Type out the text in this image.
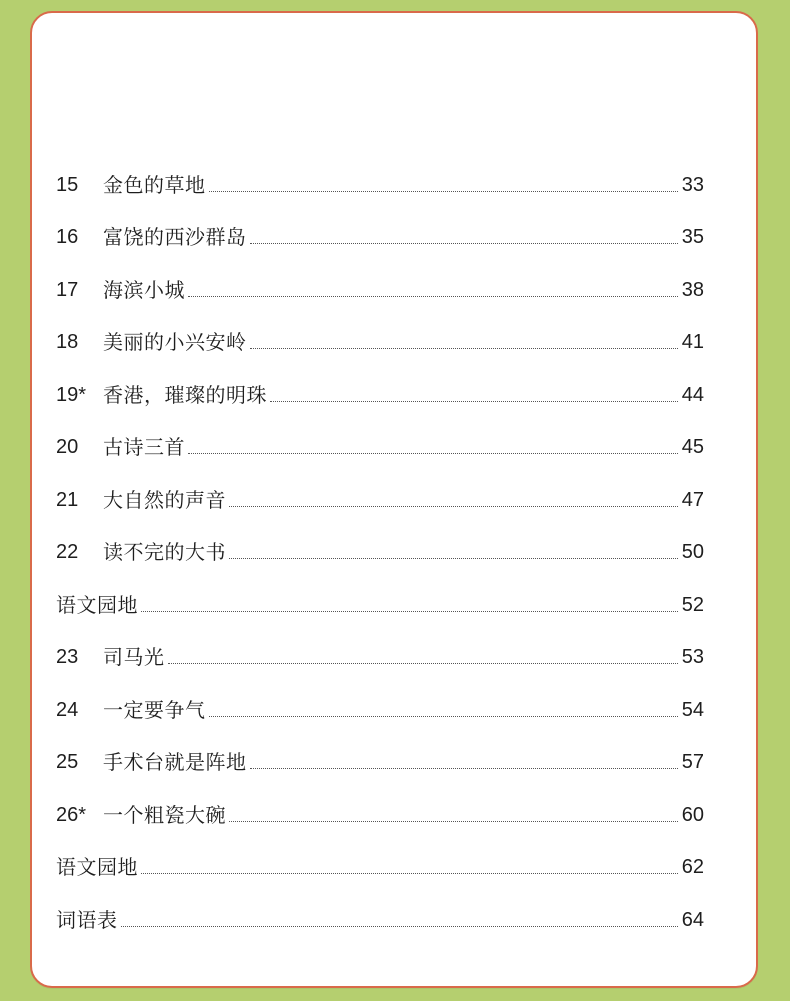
15	金色的草地	33
16	富饶的西沙群岛	35
17	海滨小城	38
18	美丽的小兴安岭	41
19* 香港，璀璨的明珠	44
20	古诗三首	45
21	大自然的声音	47
22	读不完的大书	50
语文园地	52
23	司马光	53
24	一定要争气	54
25	手术台就是阵地	57
26* 一个粗瓷大碗	60
语文园地	62
词语表	64
